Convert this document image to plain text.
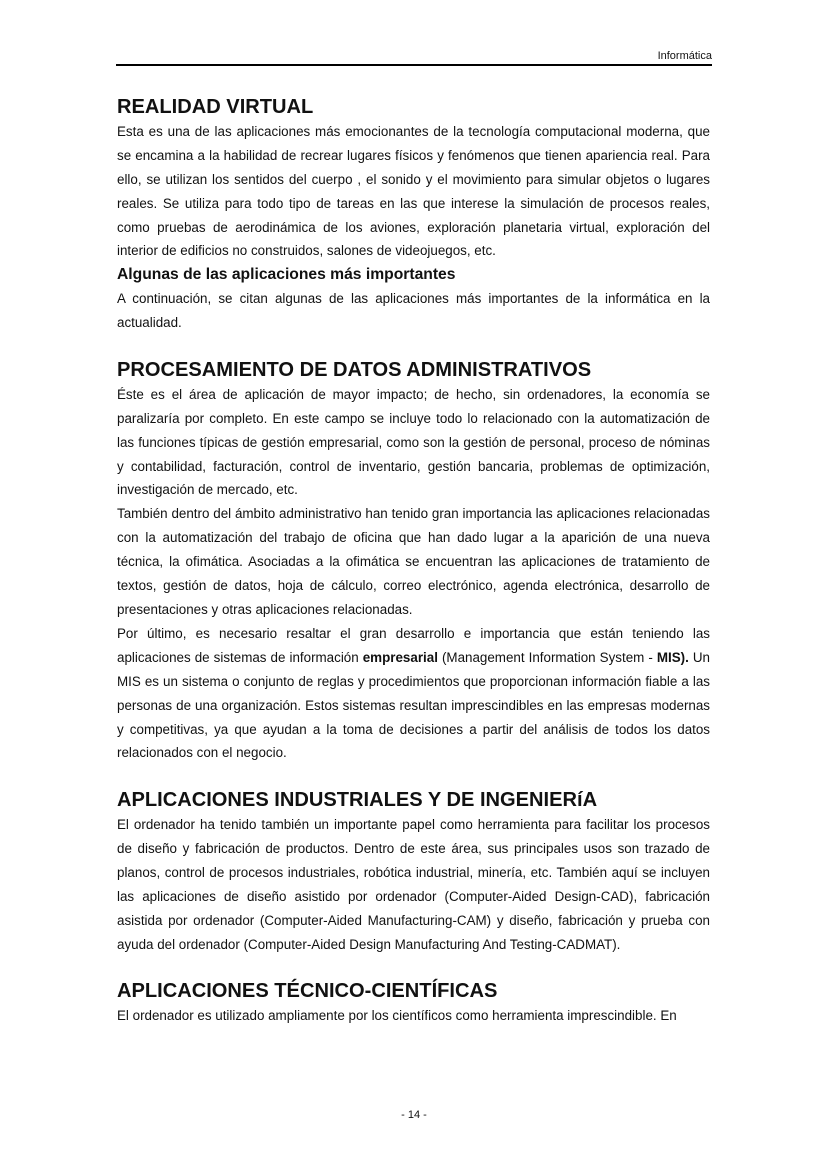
Informática
REALIDAD VIRTUAL

Esta es una de las aplicaciones más emocionantes de la tecnología computacional moderna, que se encamina a la habilidad de recrear lugares físicos y fenómenos que tienen apariencia real. Para ello, se utilizan los sentidos del cuerpo , el sonido y el movimiento para simular objetos o lugares reales. Se utiliza para todo tipo de tareas en las que interese la simulación de procesos reales, como pruebas de aerodinámica de los aviones, exploración planetaria virtual, exploración del interior de edificios no construidos, salones de videojuegos, etc.

Algunas de las aplicaciones más importantes

A continuación, se citan algunas de las aplicaciones más importantes de la informática en la actualidad.

PROCESAMIENTO DE DATOS ADMINISTRATIVOS

Éste es el área de aplicación de mayor impacto; de hecho, sin ordenadores, la economía se paralizaría por completo. En este campo se incluye todo lo relacionado con la automatización de las funciones típicas de gestión empresarial, como son la gestión de personal, proceso de nóminas y contabilidad, facturación, control de inventario, gestión bancaria, problemas de optimización, investigación de mercado, etc.

También dentro del ámbito administrativo han tenido gran importancia las aplicaciones relacionadas con la automatización del trabajo de oficina que han dado lugar a la aparición de una nueva técnica, la ofimática. Asociadas a la ofimática se encuentran las aplicaciones de tratamiento de textos, gestión de datos, hoja de cálculo, correo electrónico, agenda electrónica, desarrollo de presentaciones y otras aplicaciones relacionadas.

Por último, es necesario resaltar el gran desarrollo e importancia que están teniendo las aplicaciones de sistemas de información empresarial (Management Information System - MIS). Un MIS es un sistema o conjunto de reglas y procedimientos que proporcionan información fiable a las personas de una organización. Estos sistemas resultan imprescindibles en las empresas modernas y competitivas, ya que ayudan a la toma de decisiones a partir del análisis de todos los datos relacionados con el negocio.

APLICACIONES INDUSTRIALES Y DE INGENIERíA

El ordenador ha tenido también un importante papel como herramienta para facilitar los procesos de diseño y fabricación de productos. Dentro de este área, sus principales usos son trazado de planos, control de procesos industriales, robótica industrial, minería, etc. También aquí se incluyen las aplicaciones de diseño asistido por ordenador (Computer-Aided Design-CAD), fabricación asistida por ordenador (Computer-Aided Manufacturing-CAM) y diseño, fabricación y prueba con ayuda del ordenador (Computer-Aided Design Manufacturing And Testing-CADMAT).

APLICACIONES TÉCNICO-CIENTÍFICAS

El ordenador es utilizado ampliamente por los científicos como herramienta imprescindible. En

- 14 -
